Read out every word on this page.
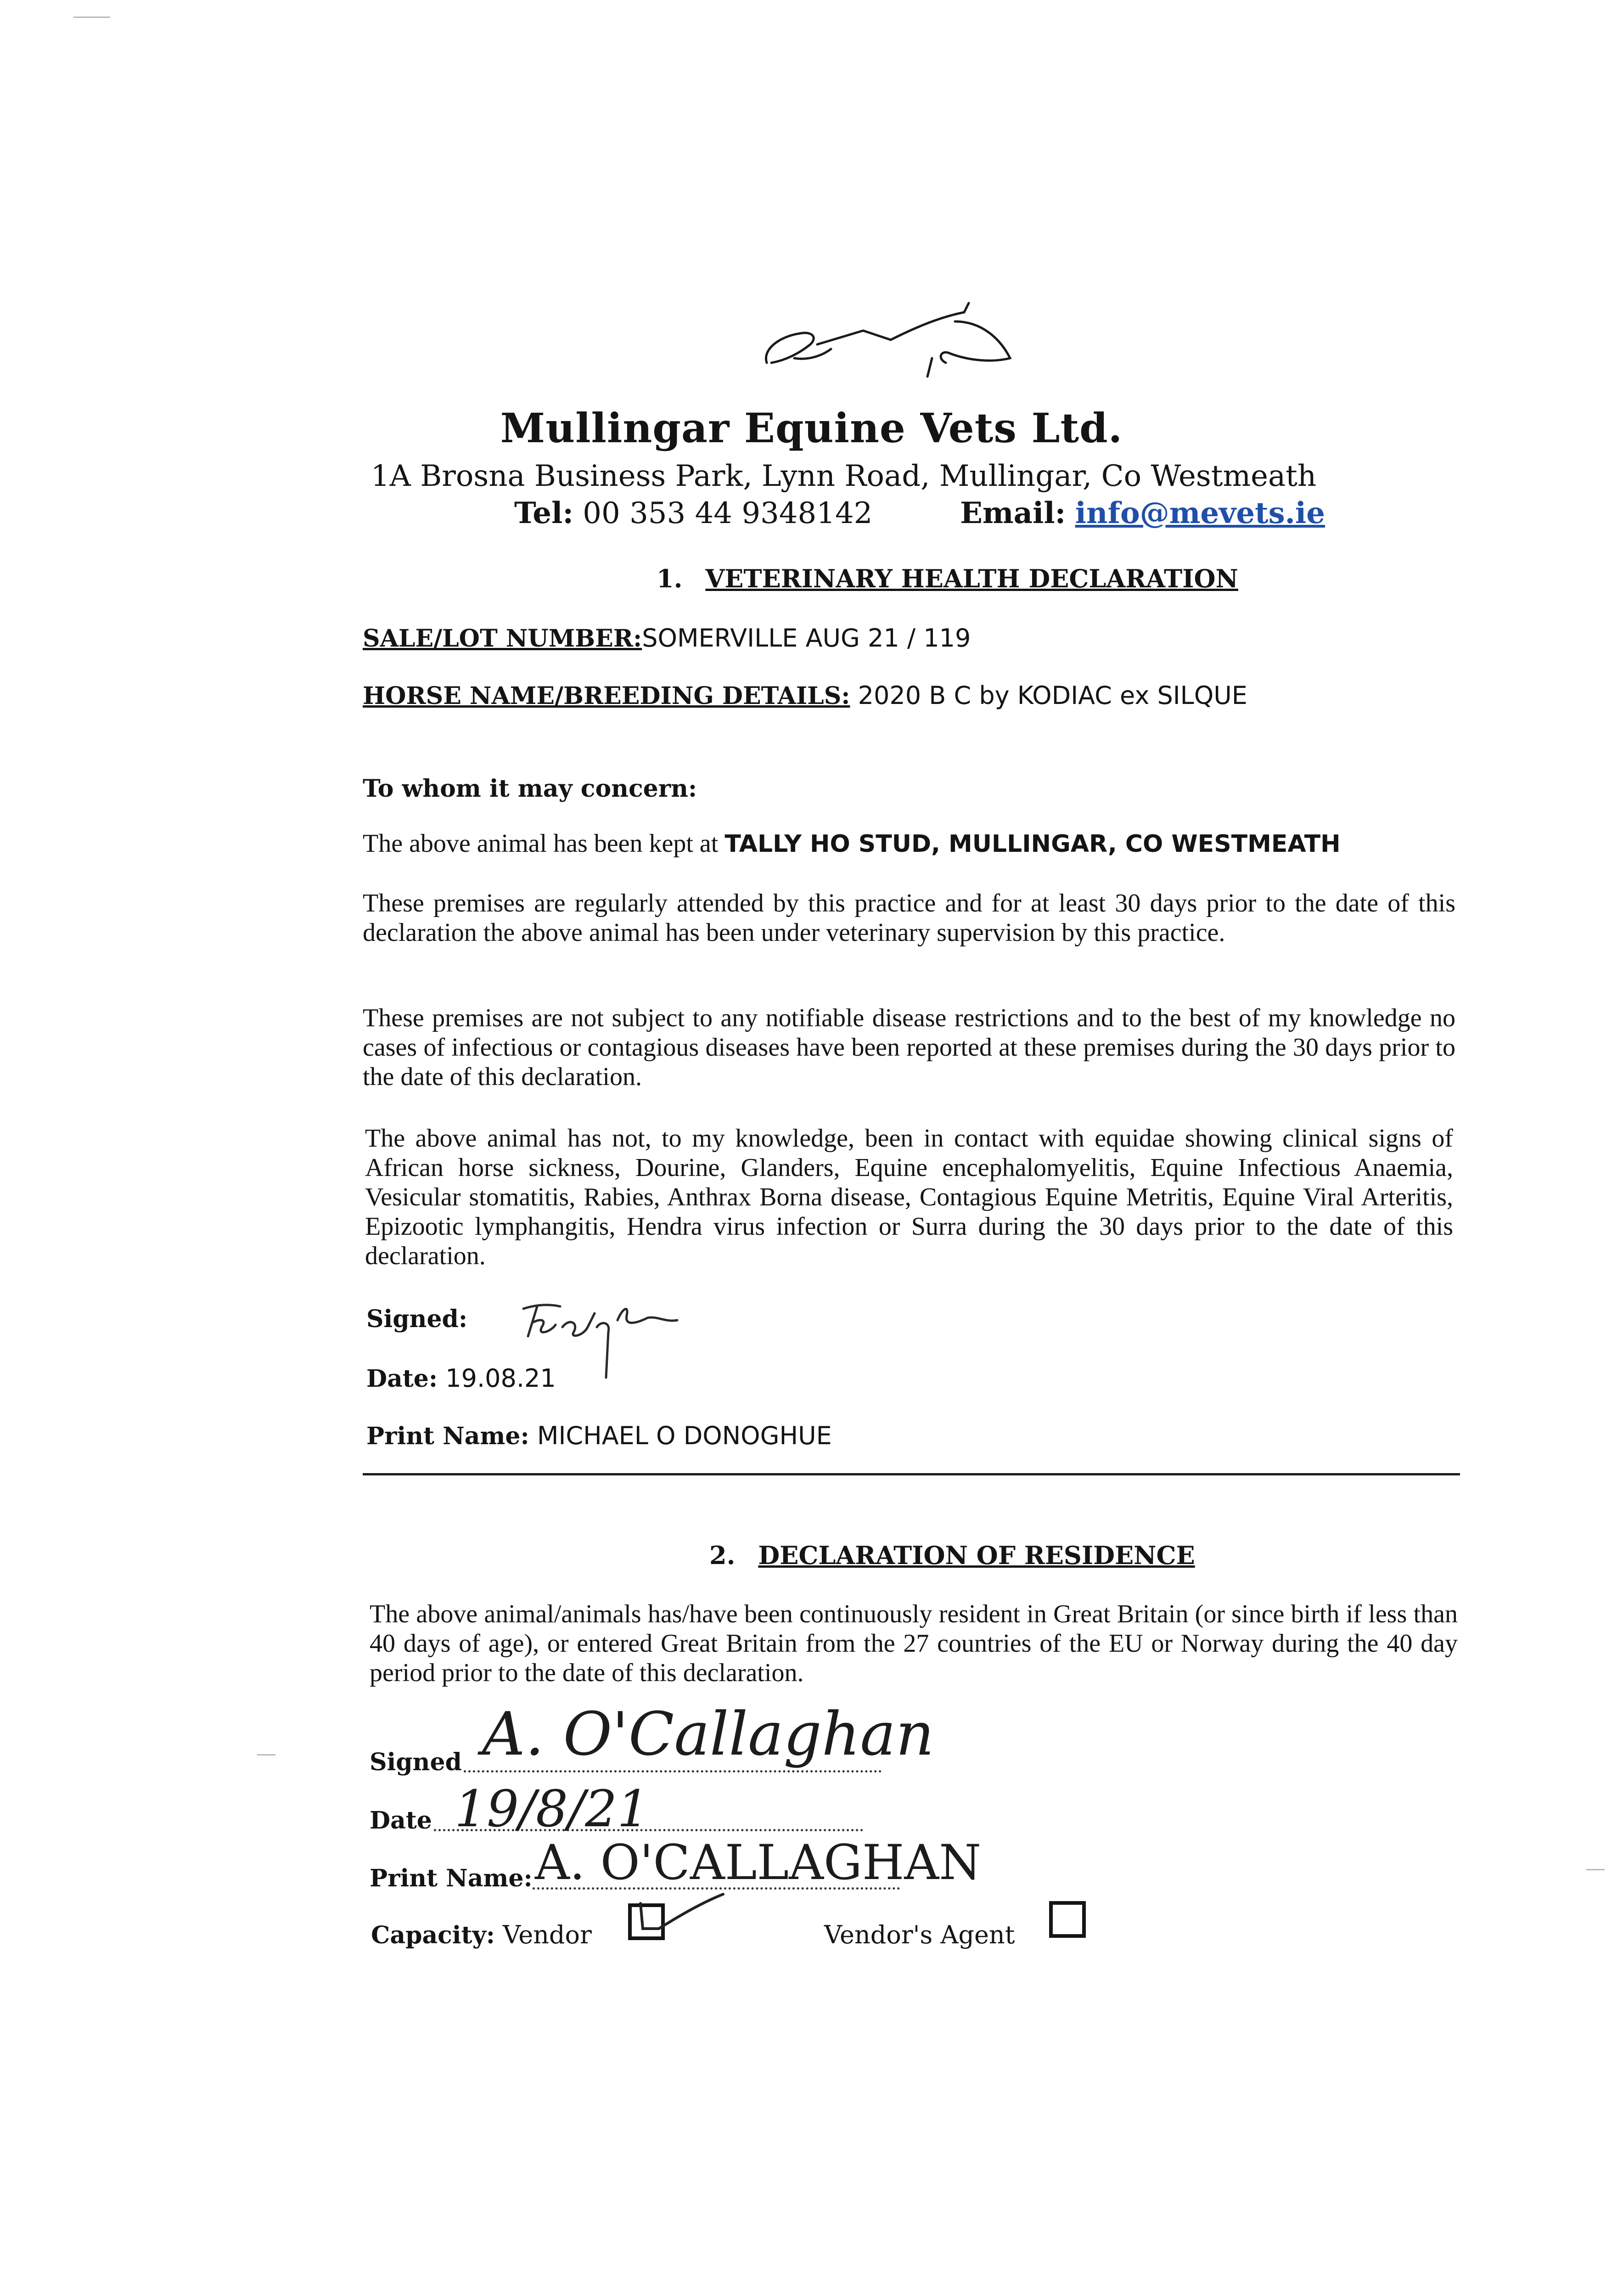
Mullingar Equine Vets Ltd.
1A Brosna Business Park, Lynn Road, Mullingar, Co Westmeath
Tel: 00 353 44 9348142	Email: info@mevets.ie
1. VETERINARY HEALTH DECLARATION
SALE/LOT NUMBER:SOMERVILLE AUG 21 / 119
HORSE NAME/BREEDING DETAILS: 2020 B C by KODIAC ex SILQUE
To whom it may concern:
The above animal has been kept at TALLY HO STUD, MULLINGAR, CO WESTMEATH
These premises are regularly attended by this practice and for at least 30 days prior to the date of this declaration the above animal has been under veterinary supervision by this practice.
These premises are not subject to any notifiable disease restrictions and to the best of my knowledge no cases of infectious or contagious diseases have been reported at these premises during the 30 days prior to the date of this declaration.
The above animal has not, to my knowledge, been in contact with equidae showing clinical signs of African horse sickness, Dourine, Glanders, Equine encephalomyelitis, Equine Infectious Anaemia, Vesicular stomatitis, Rabies, Anthrax Borna disease, Contagious Equine Metritis, Equine Viral Arteritis, Epizootic lymphangitis, Hendra virus infection or Surra during the 30 days prior to the date of this declaration.
Signed:
Date: 19.08.21
Print Name: MICHAEL O DONOGHUE
2. DECLARATION OF RESIDENCE
The above animal/animals has/have been continuously resident in Great Britain (or since birth if less than 40 days of age), or entered Great Britain from the 27 countries of the EU or Norway during the 40 day period prior to the date of this declaration.
Signed A. O'Callaghan
Date 19/8/21
Print Name: A. O'CALLAGHAN
Capacity: Vendor	Vendor's Agent
